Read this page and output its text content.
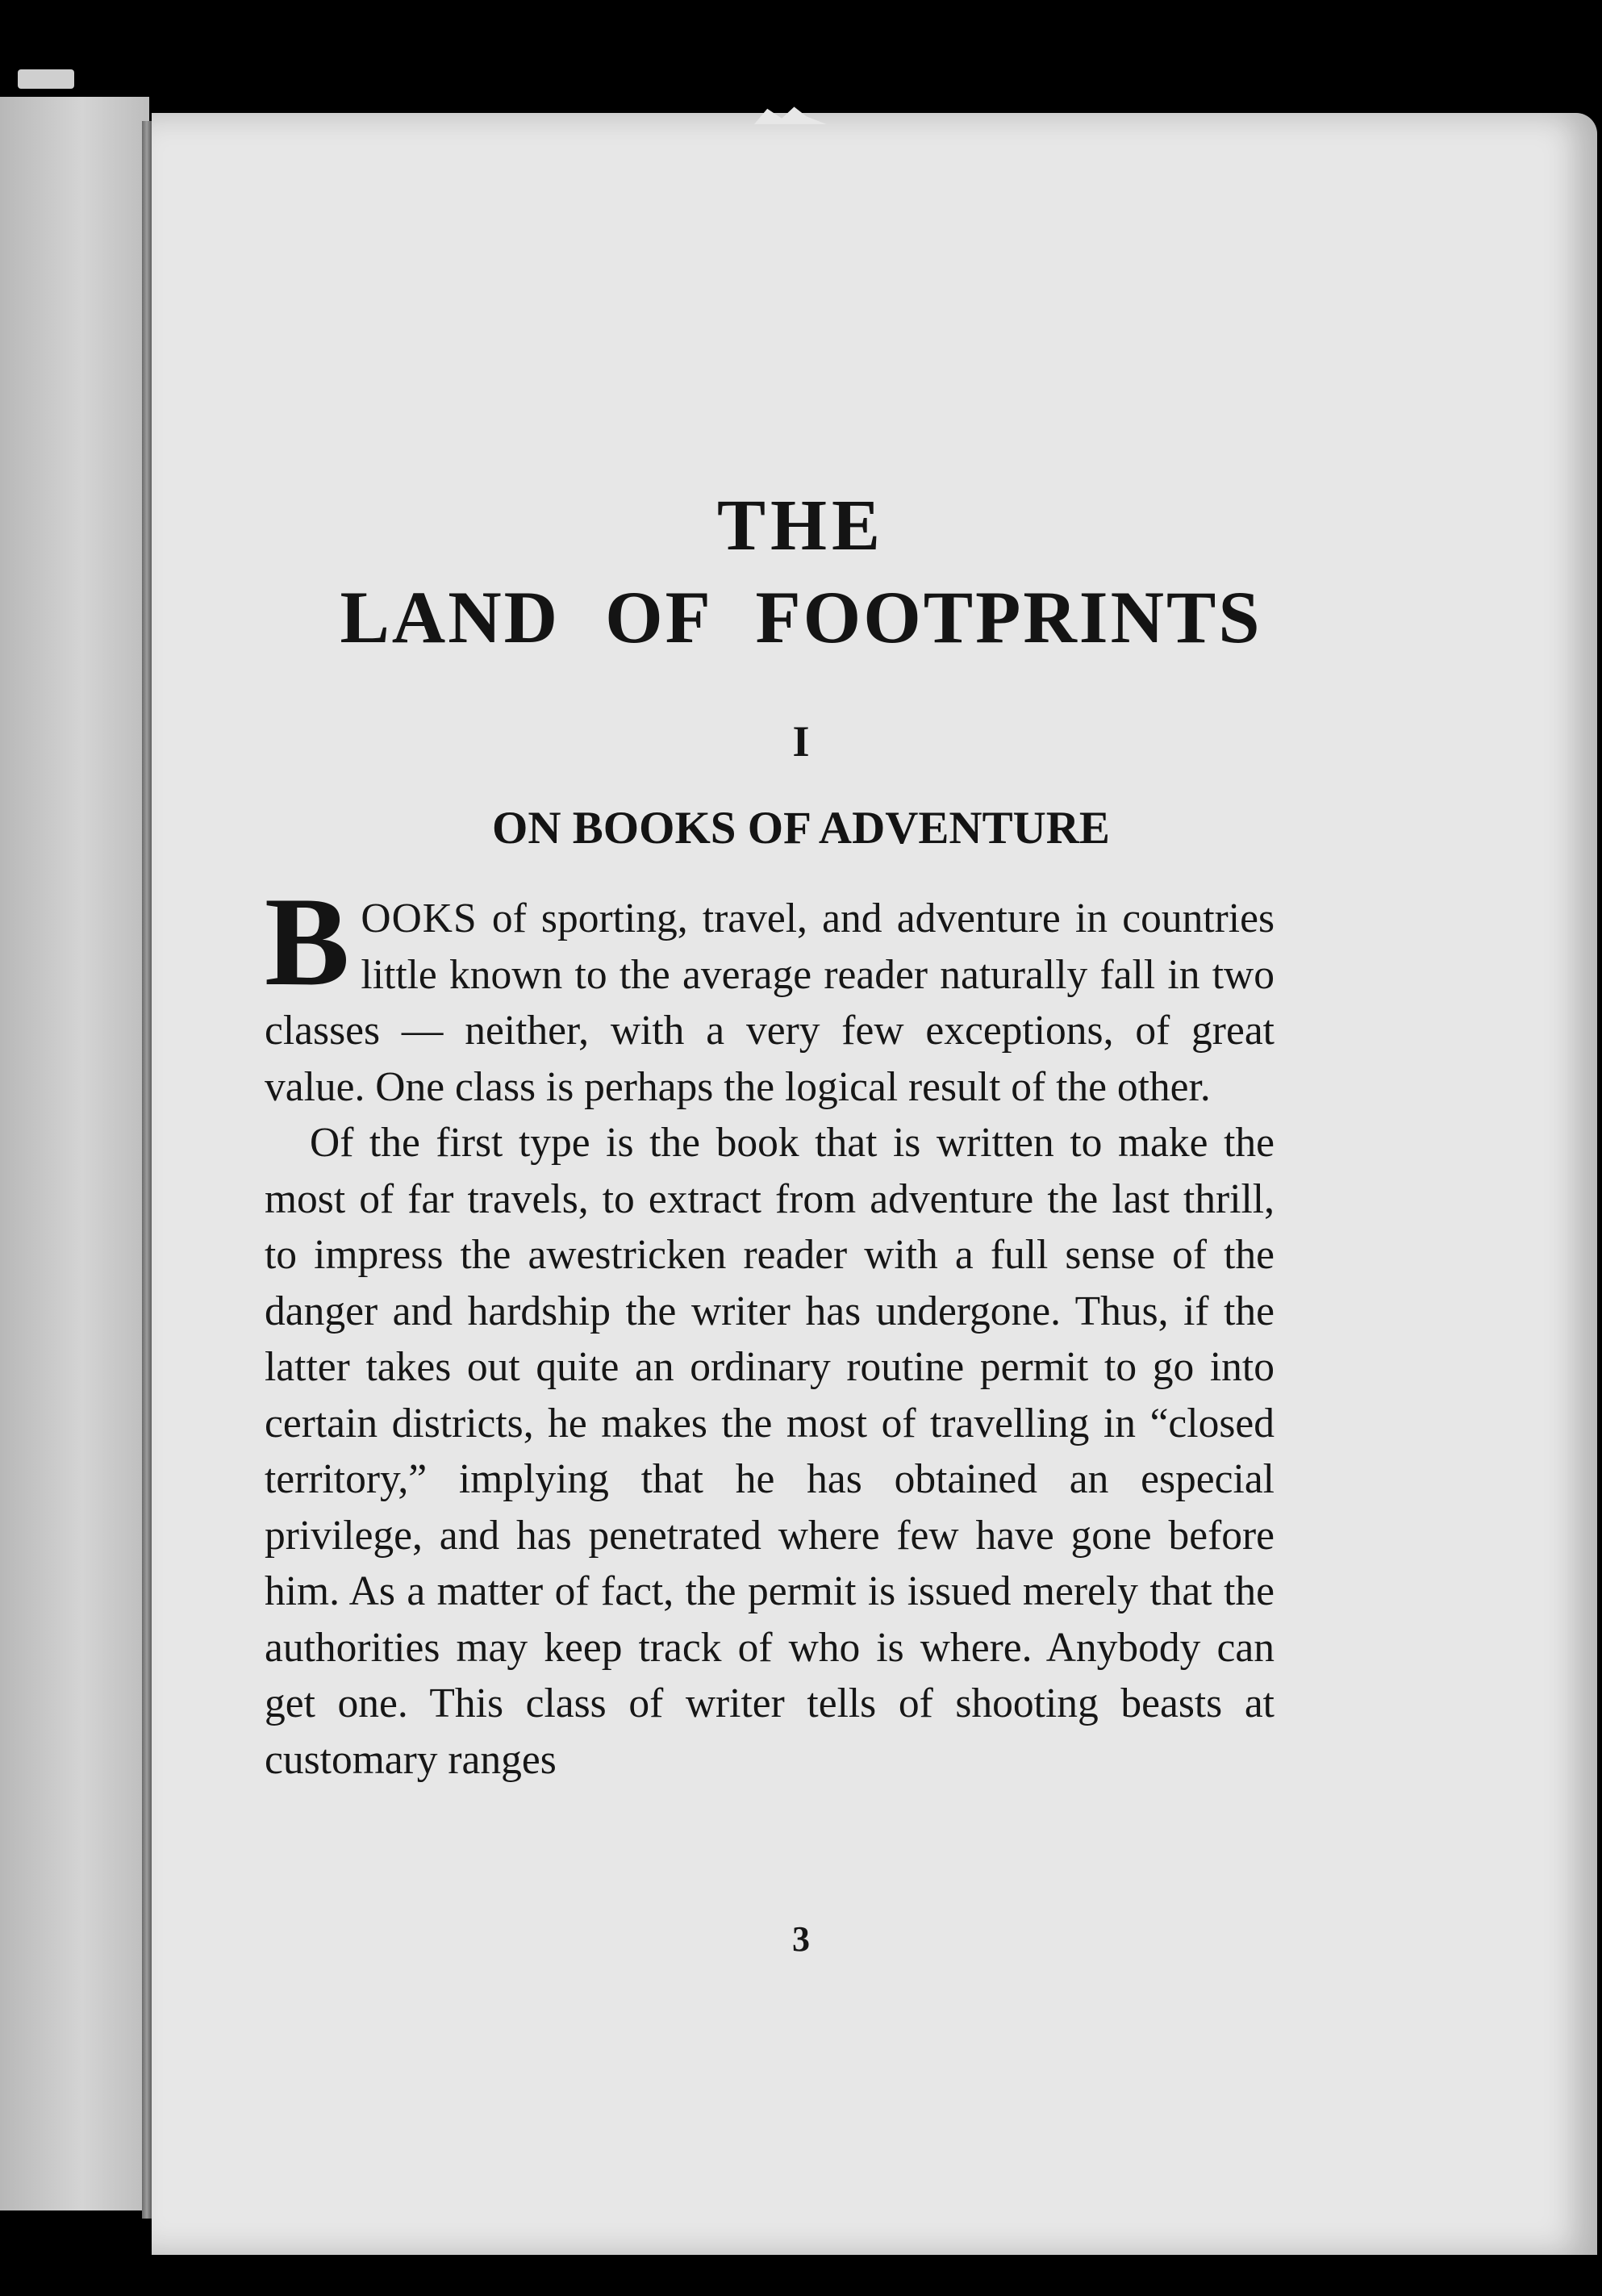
THE
LAND OF FOOTPRINTS
I
ON BOOKS OF ADVENTURE

BOOKS of sporting, travel, and adventure in countries little known to the average reader naturally fall in two classes — neither, with a very few exceptions, of great value. One class is perhaps the logical result of the other.

Of the first type is the book that is written to make the most of far travels, to extract from adventure the last thrill, to impress the awestricken reader with a full sense of the danger and hardship the writer has undergone. Thus, if the latter takes out quite an ordinary routine permit to go into certain districts, he makes the most of travelling in “closed territory,” implying that he has obtained an especial privilege, and has penetrated where few have gone before him. As a matter of fact, the permit is issued merely that the authorities may keep track of who is where. Anybody can get one. This class of writer tells of shooting beasts at customary ranges

3
